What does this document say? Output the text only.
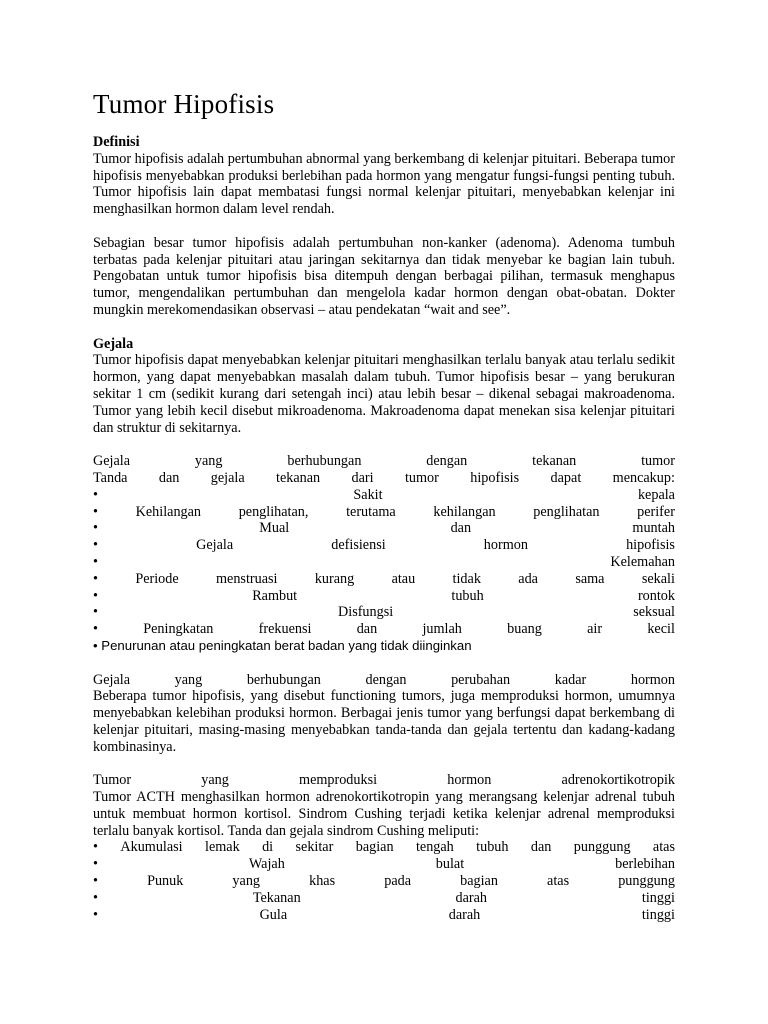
Tumor Hipofisis
Definisi

Tumor hipofisis adalah pertumbuhan abnormal yang berkembang di kelenjar pituitari. Beberapa tumor hipofisis menyebabkan produksi berlebihan pada hormon yang mengatur fungsi-fungsi penting tubuh. Tumor hipofisis lain dapat membatasi fungsi normal kelenjar pituitari, menyebabkan kelenjar ini menghasilkan hormon dalam level rendah.

Sebagian besar tumor hipofisis adalah pertumbuhan non-kanker (adenoma). Adenoma tumbuh terbatas pada kelenjar pituitari atau jaringan sekitarnya dan tidak menyebar ke bagian lain tubuh. Pengobatan untuk tumor hipofisis bisa ditempuh dengan berbagai pilihan, termasuk menghapus tumor, mengendalikan pertumbuhan dan mengelola kadar hormon dengan obat-obatan. Dokter mungkin merekomendasikan observasi – atau pendekatan “wait and see”.

Gejala

Tumor hipofisis dapat menyebabkan kelenjar pituitari menghasilkan terlalu banyak atau terlalu sedikit hormon, yang dapat menyebabkan masalah dalam tubuh. Tumor hipofisis besar – yang berukuran sekitar 1 cm (sedikit kurang dari setengah inci) atau lebih besar – dikenal sebagai makroadenoma. Tumor yang lebih kecil disebut mikroadenoma. Makroadenoma dapat menekan sisa kelenjar pituitari dan struktur di sekitarnya.

Gejala	yang	berhubungan	dengan	tekanan	tumor
Tanda dan gejala tekanan dari tumor hipofisis dapat mencakup:
•	Sakit	kepala
•	Kehilangan	penglihatan,	terutama	kehilangan	penglihatan	perifer
•	Mual	dan	muntah
•	Gejala	defisiensi	hormon	hipofisis
•	Kelemahan
•	Periode	menstruasi	kurang	atau	tidak	ada	sama	sekali
•	Rambut	tubuh	rontok
•	Disfungsi	seksual
•	Peningkatan	frekuensi	dan	jumlah	buang	air	kecil

• Penurunan atau peningkatan berat badan yang tidak diinginkan

Gejala	yang	berhubungan	dengan	perubahan	kadar	hormon

Beberapa tumor hipofisis, yang disebut functioning tumors, juga memproduksi hormon, umumnya menyebabkan kelebihan produksi hormon. Berbagai jenis tumor yang berfungsi dapat berkembang di kelenjar pituitari, masing-masing menyebabkan tanda-tanda dan gejala tertentu dan kadang-kadang kombinasinya.

Tumor	yang	memproduksi	hormon	adrenokortikotropik

Tumor ACTH menghasilkan hormon adrenokortikotropin yang merangsang kelenjar adrenal tubuh untuk membuat hormon kortisol. Sindrom Cushing terjadi ketika kelenjar adrenal memproduksi terlalu banyak kortisol. Tanda dan gejala sindrom Cushing meliputi:

• Akumulasi lemak di sekitar bagian tengah tubuh dan punggung atas
•	Wajah	bulat	berlebihan
•	Punuk	yang	khas	pada	bagian	atas	punggung
•	Tekanan	darah	tinggi
•	Gula	darah	tinggi
